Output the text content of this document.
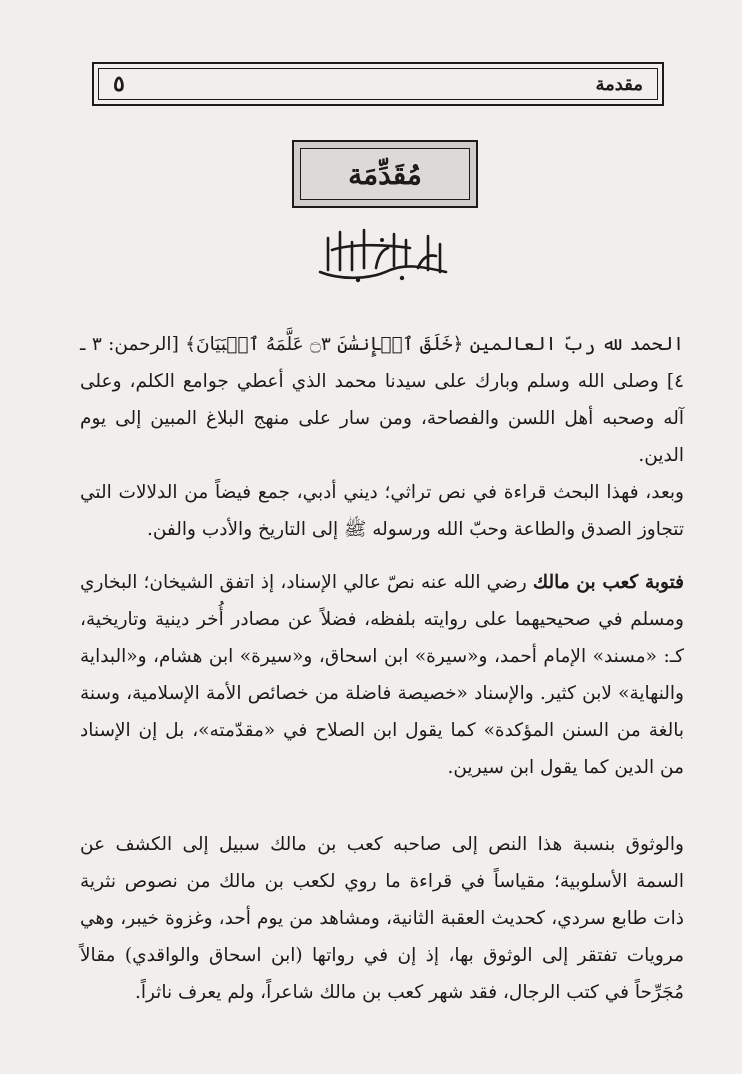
مقدمة
٥
مُقَدِّمَة
الحمد لله ربّ العالمين ﴿خَلَقَ ٱلۡإِنسَٰنَ ۝٣ عَلَّمَهُ ٱلۡبَيَانَ﴾ [الرحمن: ٣ ـ ٤] وصلى الله وسلم وبارك على سيدنا محمد الذي أعطي جوامع الكلم، وعلى آله وصحبه أهل اللسن والفصاحة، ومن سار على منهج البلاغ المبين إلى يوم الدين.
وبعد، فهذا البحث قراءة في نص تراثي؛ ديني أدبي، جمع فيضاً من الدلالات التي تتجاوز الصدق والطاعة وحبّ الله ورسوله ﷺ إلى التاريخ والأدب والفن.
فتوبة كعب بن مالك رضي الله عنه نصّ عالي الإسناد، إذ اتفق الشيخان؛ البخاري ومسلم في صحيحيهما على روايته بلفظه، فضلاً عن مصادر أُخر دينية وتاريخية، كـ: «مسند» الإمام أحمد، و«سيرة» ابن اسحاق، و«سيرة» ابن هشام، و«البداية والنهاية» لابن كثير. والإسناد «خصيصة فاضلة من خصائص الأمة الإسلامية، وسنة بالغة من السنن المؤكدة» كما يقول ابن الصلاح في «مقدّمته»، بل إن الإسناد من الدين كما يقول ابن سيرين.
والوثوق بنسبة هذا النص إلى صاحبه كعب بن مالك سبيل إلى الكشف عن السمة الأسلوبية؛ مقياساً في قراءة ما روي لكعب بن مالك من نصوص نثرية ذات طابع سردي، كحديث العقبة الثانية، ومشاهد من يوم أحد، وغزوة خيبر، وهي مرويات تفتقر إلى الوثوق بها، إذ إن في رواتها (ابن اسحاق والواقدي) مقالاً مُجَرِّحاً في كتب الرجال، فقد شهر كعب بن مالك شاعراً، ولم يعرف ناثراً.
